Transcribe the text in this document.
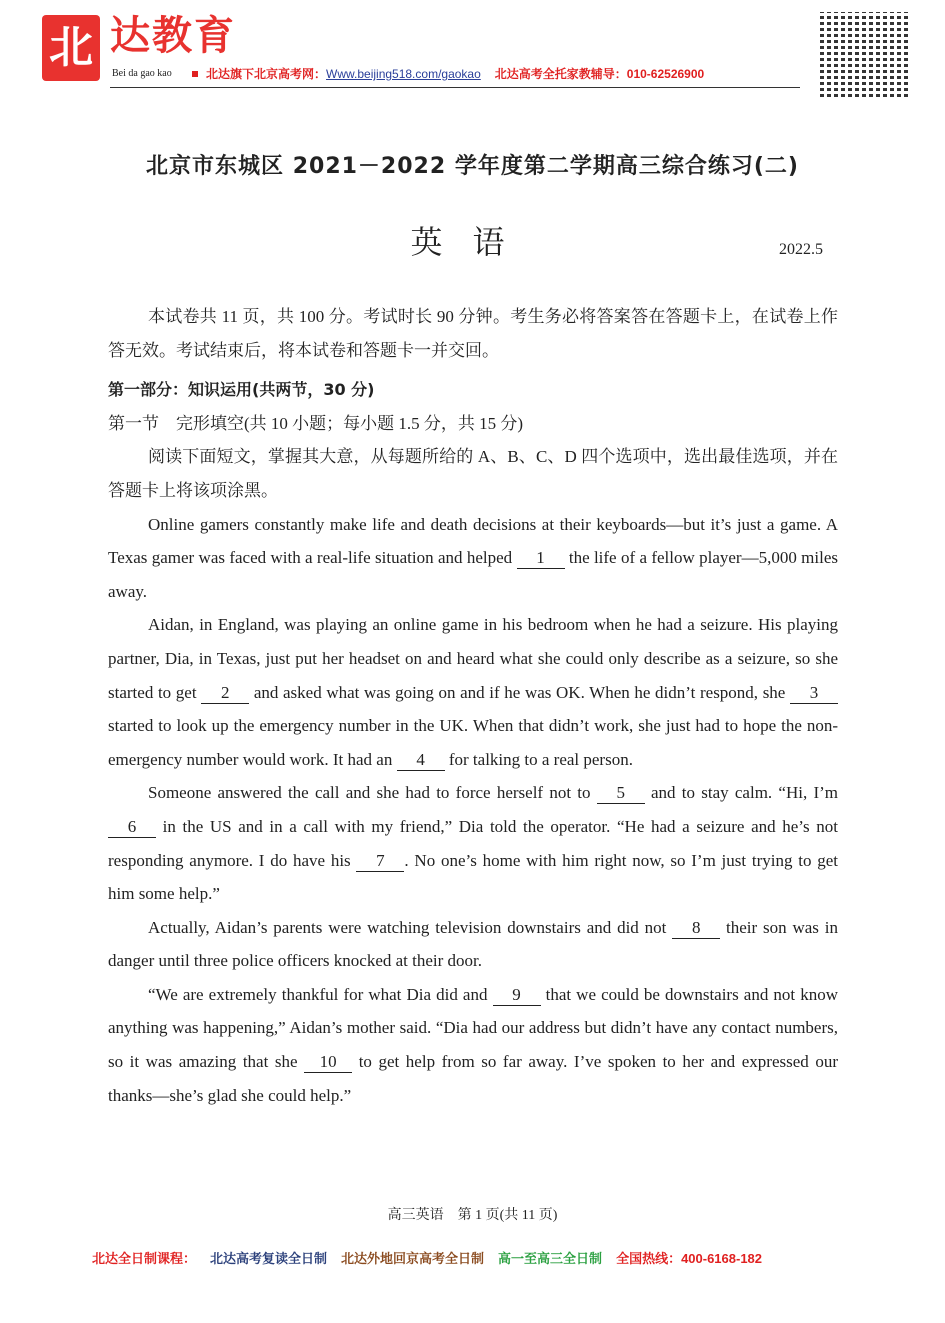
北 达教育
Bei da gao kao	北达旗下北京高考网：Www.beijing518.com/gaokao 北达高考全托家教辅导：010-62526900
北京市东城区 2021－2022 学年度第二学期高三综合练习(二)
英语	2022.5

本试卷共 11 页，共 100 分。考试时长 90 分钟。考生务必将答案答在答题卡上，在试卷上作答无效。考试结束后，将本试卷和答题卡一并交回。

第一部分：知识运用(共两节，30 分)

第一节　完形填空(共 10 小题；每小题 1.5 分，共 15 分)

阅读下面短文，掌握其大意，从每题所给的 A、B、C、D 四个选项中，选出最佳选项，并在答题卡上将该项涂黑。

Online gamers constantly make life and death decisions at their keyboards—but it’s just a game. A Texas gamer was faced with a real-life situation and helped 1 the life of a fellow player—5,000 miles away.

Aidan, in England, was playing an online game in his bedroom when he had a seizure. His playing partner, Dia, in Texas, just put her headset on and heard what she could only describe as a seizure, so she started to get 2 and asked what was going on and if he was OK. When he didn’t respond, she 3 started to look up the emergency number in the UK. When that didn’t work, she just had to hope the non-emergency number would work. It had an 4 for talking to a real person.

Someone answered the call and she had to force herself not to 5 and to stay calm. “Hi, I’m 6 in the US and in a call with my friend,” Dia told the operator. “He had a seizure and he’s not responding anymore. I do have his 7 . No one’s home with him right now, so I’m just trying to get him some help.”

Actually, Aidan’s parents were watching television downstairs and did not 8 their son was in danger until three police officers knocked at their door.

“We are extremely thankful for what Dia did and 9 that we could be downstairs and not know anything was happening,” Aidan’s mother said. “Dia had our address but didn’t have any contact numbers, so it was amazing that she 10 to get help from so far away. I’ve spoken to her and expressed our thanks—she’s glad she could help.”

高三英语　第 1 页(共 11 页)
北达全日制课程： 北达高考复读全日制 北达外地回京高考全日制 高一至高三全日制 全国热线：400-6168-182
